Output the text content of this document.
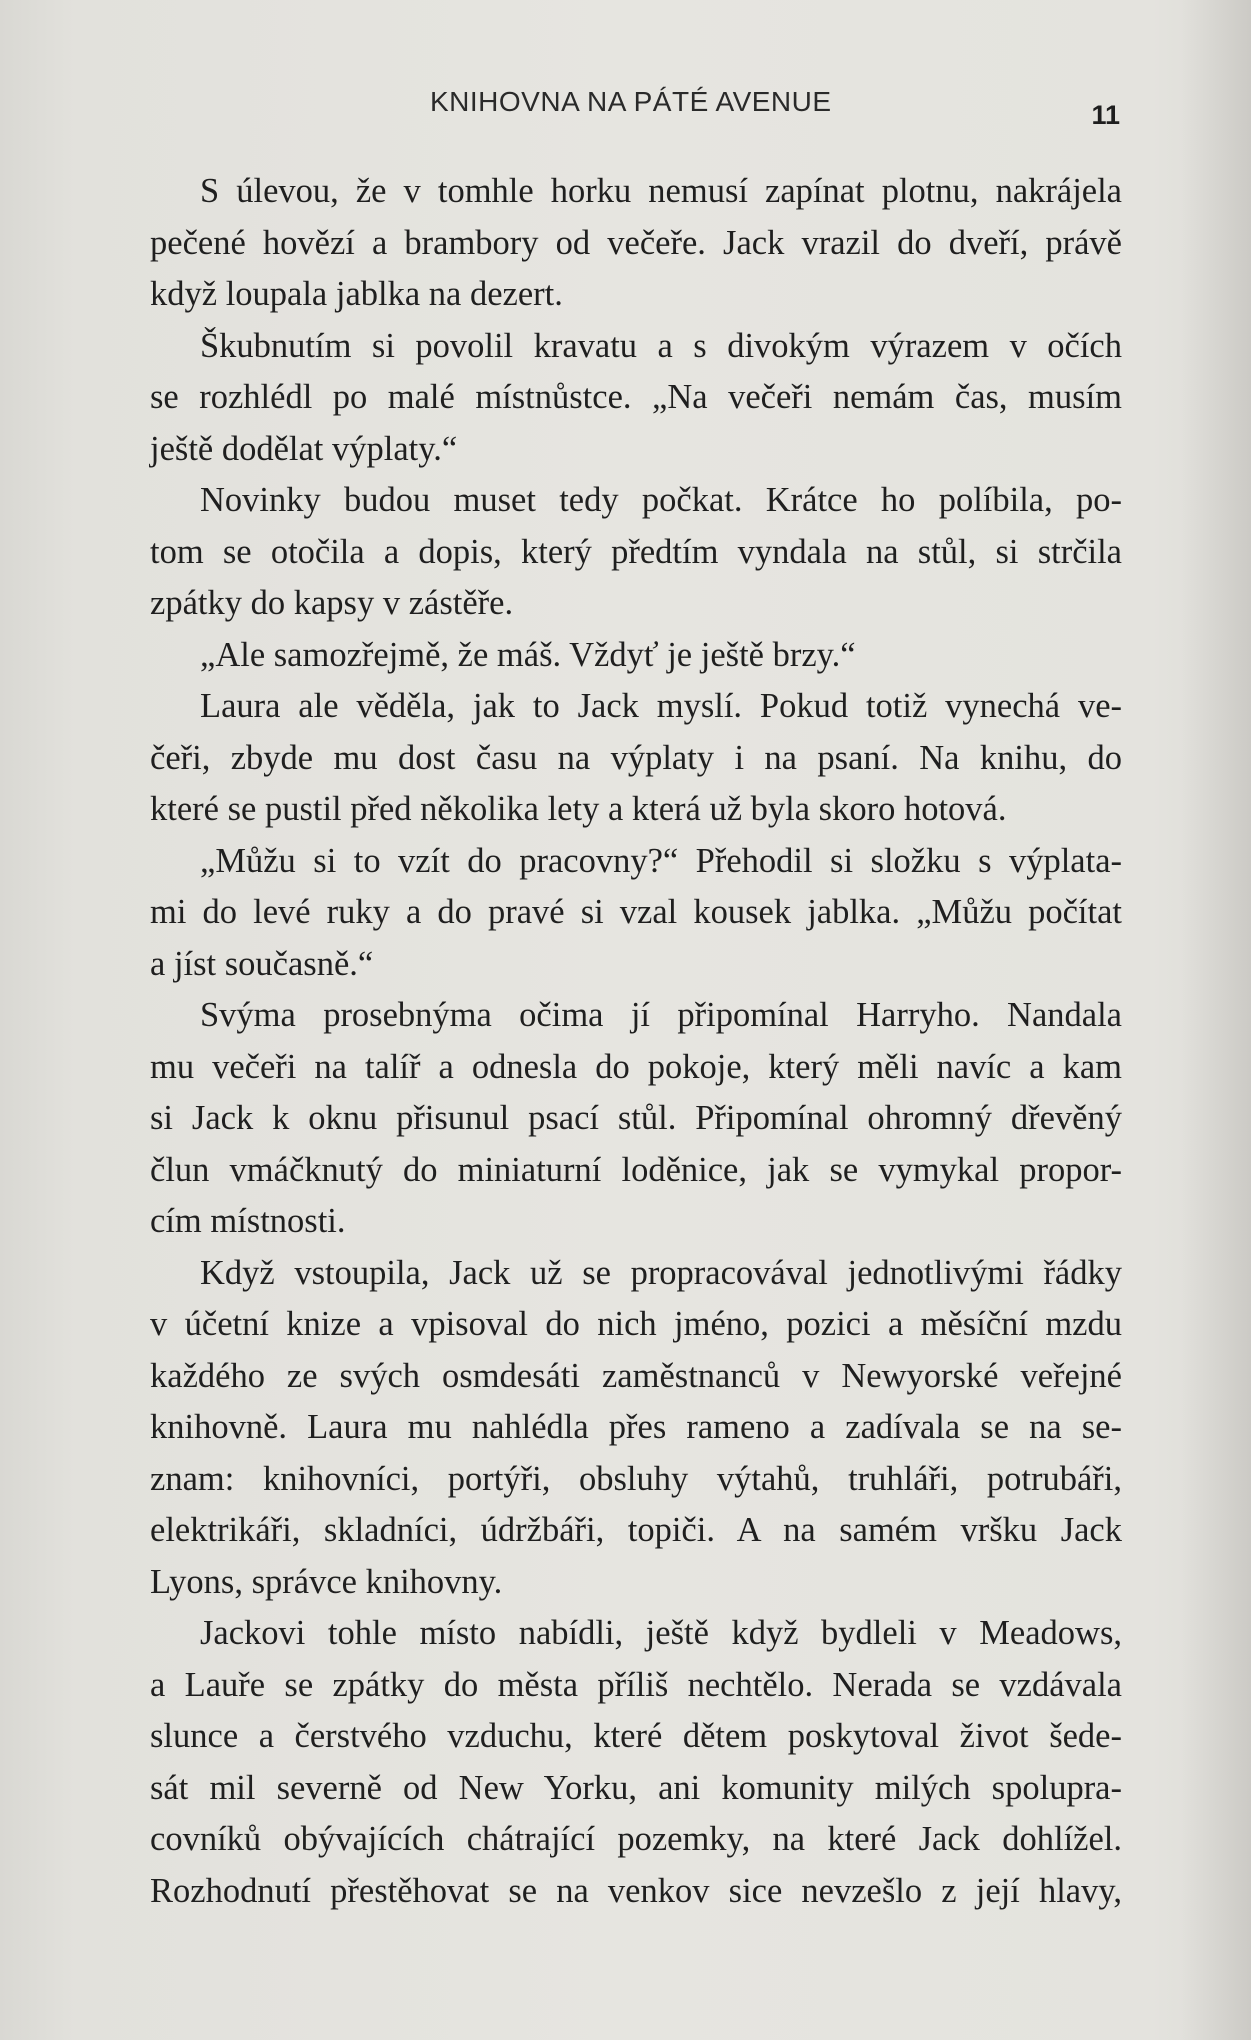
KNIHOVNA NA PÁTÉ AVENUE	11

S úlevou, že v tomhle horku nemusí zapínat plotnu, nakrájela
pečené hovězí a brambory od večeře. Jack vrazil do dveří, právě
když loupala jablka na dezert.

Škubnutím si povolil kravatu a s divokým výrazem v očích
se rozhlédl po malé místnůstce. „Na večeři nemám čas, musím
ještě dodělat výplaty.“

Novinky budou muset tedy počkat. Krátce ho políbila, po-
tom se otočila a dopis, který předtím vyndala na stůl, si strčila
zpátky do kapsy v zástěře.

„Ale samozřejmě, že máš. Vždyť je ještě brzy.“

Laura ale věděla, jak to Jack myslí. Pokud totiž vynechá ve-
čeři, zbyde mu dost času na výplaty i na psaní. Na knihu, do
které se pustil před několika lety a která už byla skoro hotová.

„Můžu si to vzít do pracovny?“ Přehodil si složku s výplata-
mi do levé ruky a do pravé si vzal kousek jablka. „Můžu počítat
a jíst současně.“

Svýma prosebnýma očima jí připomínal Harryho. Nandala
mu večeři na talíř a odnesla do pokoje, který měli navíc a kam
si Jack k oknu přisunul psací stůl. Připomínal ohromný dřevěný
člun vmáčknutý do miniaturní loděnice, jak se vymykal propor-
cím místnosti.

Když vstoupila, Jack už se propracovával jednotlivými řádky
v účetní knize a vpisoval do nich jméno, pozici a měsíční mzdu
každého ze svých osmdesáti zaměstnanců v Newyorské veřejné
knihovně. Laura mu nahlédla přes rameno a zadívala se na se-
znam: knihovníci, portýři, obsluhy výtahů, truhláři, potrubáři,
elektrikáři, skladníci, údržbáři, topiči. A na samém vršku Jack
Lyons, správce knihovny.

Jackovi tohle místo nabídli, ještě když bydleli v Meadows,
a Lauře se zpátky do města příliš nechtělo. Nerada se vzdávala
slunce a čerstvého vzduchu, které dětem poskytoval život šede-
sát mil severně od New Yorku, ani komunity milých spolupra-
covníků obývajících chátrající pozemky, na které Jack dohlížel.
Rozhodnutí přestěhovat se na venkov sice nevzešlo z její hlavy,
